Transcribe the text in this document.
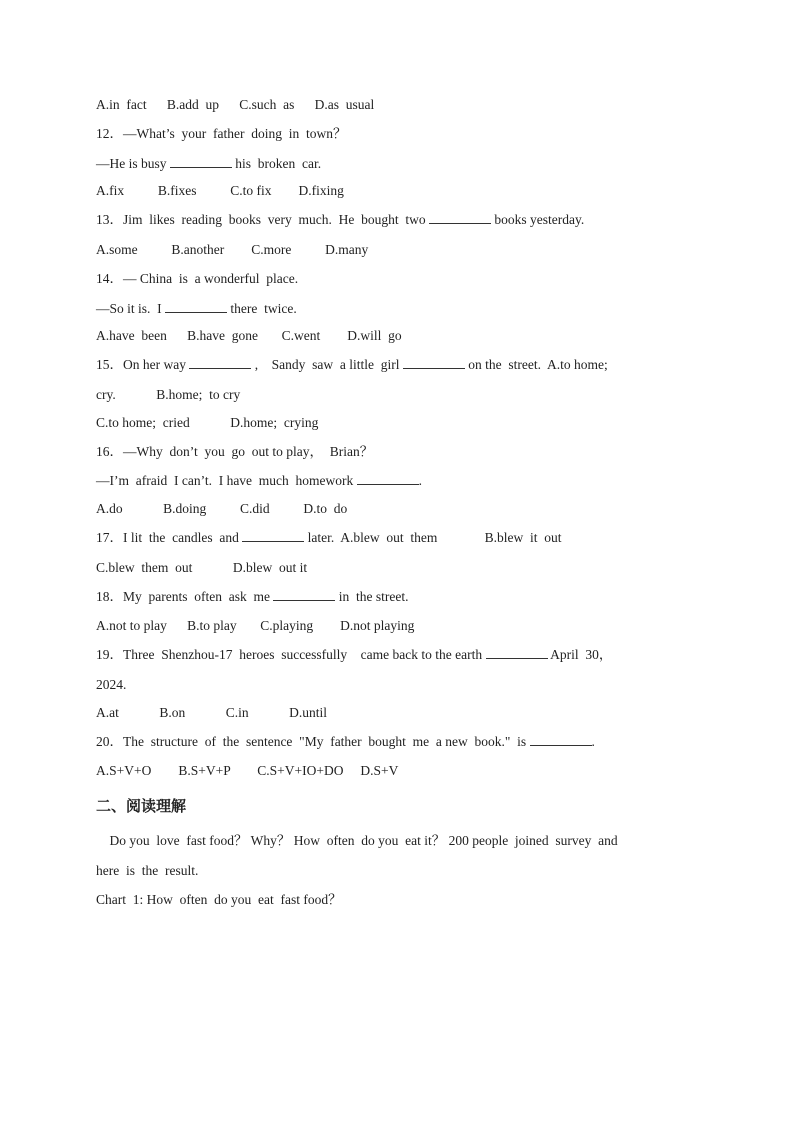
A.in  fact      B.add  up      C.such  as      D.as  usual
12．—What’s  your  father  doing  in  town？
—He is busy	his  broken  car.
A.fix          B.fixes          C.to fix        D.fixing
13．Jim  likes  reading  books  very  much.  He  bought  two	books yesterday.
A.some          B.another        C.more          D.many
14．— China  is  a wonderful  place.
—So it is.  I	there  twice.
A.have  been      B.have  gone       C.went        D.will  go
15．On her way	,    Sandy  saw  a little  girl	on the  street.  A.to home;
cry.            B.home;  to cry
C.to home;  cried            D.home;  crying
16．—Why  don’t  you  go  out to play，  Brian？
—I’m  afraid  I can’t.  I have  much  homework	.
A.do            B.doing          C.did          D.to  do
17．I lit  the  candles  and	later.  A.blew  out  them              B.blew  it  out
C.blew  them  out            D.blew  out it
18．My  parents  often  ask  me	in  the street.
A.not to play      B.to play       C.playing        D.not playing
19．Three  Shenzhou-17  heroes  successfully    came back to the earth	April  30，
2024.
A.at            B.on            C.in            D.until
20．The  structure  of  the  sentence  "My  father  bought  me  a new  book."  is	.
A.S+V+O        B.S+V+P        C.S+V+IO+DO     D.S+V
二、阅读理解
Do you  love  fast food？ Why？ How  often  do you  eat it？ 200 people  joined  survey  and
here  is  the  result.
Chart  1: How  often  do you  eat  fast food？
